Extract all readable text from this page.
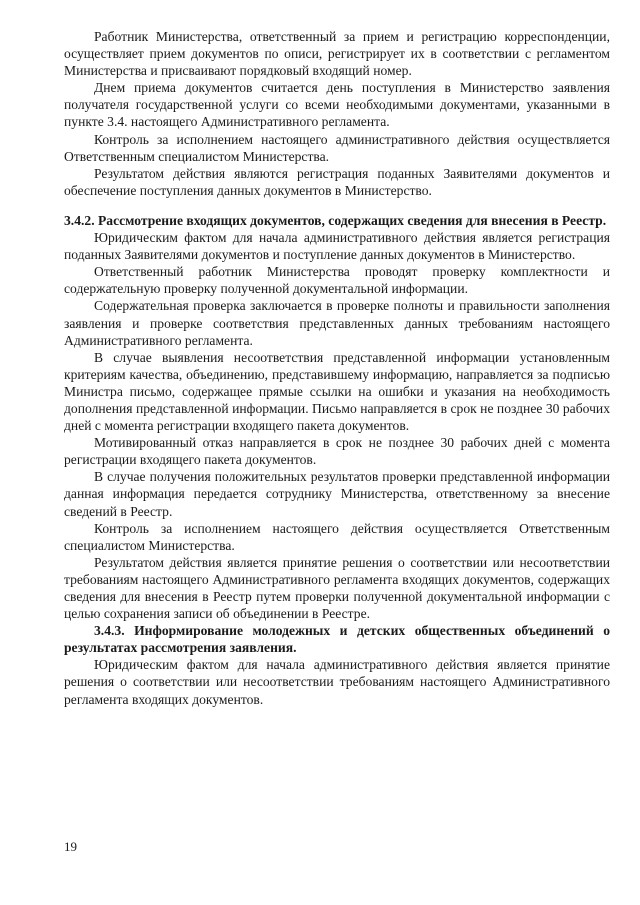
Работник Министерства, ответственный за прием и регистрацию корреспонденции, осуществляет прием документов по описи, регистрирует их в соответствии с регламентом Министерства и присваивают порядковый входящий номер.

Днем приема документов считается день поступления в Министерство заявления получателя государственной услуги со всеми необходимыми документами, указанными в пункте 3.4. настоящего Административного регламента.

Контроль за исполнением настоящего административного действия осуществляется Ответственным специалистом Министерства.

Результатом действия являются регистрация поданных Заявителями документов и обеспечение поступления данных документов в Министерство.

3.4.2. Рассмотрение входящих документов, содержащих сведения для внесения в Реестр.

Юридическим фактом для начала административного действия является регистрация поданных Заявителями документов и поступление данных документов в Министерство.

Ответственный работник Министерства проводят проверку комплектности и содержательную проверку полученной документальной информации.

Содержательная проверка заключается в проверке полноты и правильности заполнения заявления и проверке соответствия представленных данных требованиям настоящего Административного регламента.

В случае выявления несоответствия представленной информации установленным критериям качества, объединению, представившему информацию, направляется за подписью Министра письмо, содержащее прямые ссылки на ошибки и указания на необходимость дополнения представленной информации. Письмо направляется в срок не позднее 30 рабочих дней с момента регистрации входящего пакета документов.

Мотивированный отказ направляется в срок не позднее 30 рабочих дней с момента регистрации входящего пакета документов.

В случае получения положительных результатов проверки представленной информации данная информация передается сотруднику Министерства, ответственному за внесение сведений в Реестр.

Контроль за исполнением настоящего действия осуществляется Ответственным специалистом Министерства.

Результатом действия является принятие решения о соответствии или несоответствии требованиям настоящего Административного регламента входящих документов, содержащих сведения для внесения в Реестр путем проверки полученной документальной информации с целью сохранения записи об объединении в Реестре.

3.4.3. Информирование молодежных и детских общественных объединений о результатах рассмотрения заявления.

Юридическим фактом для начала административного действия является принятие решения о соответствии или несоответствии требованиям настоящего Административного регламента входящих документов.

19
